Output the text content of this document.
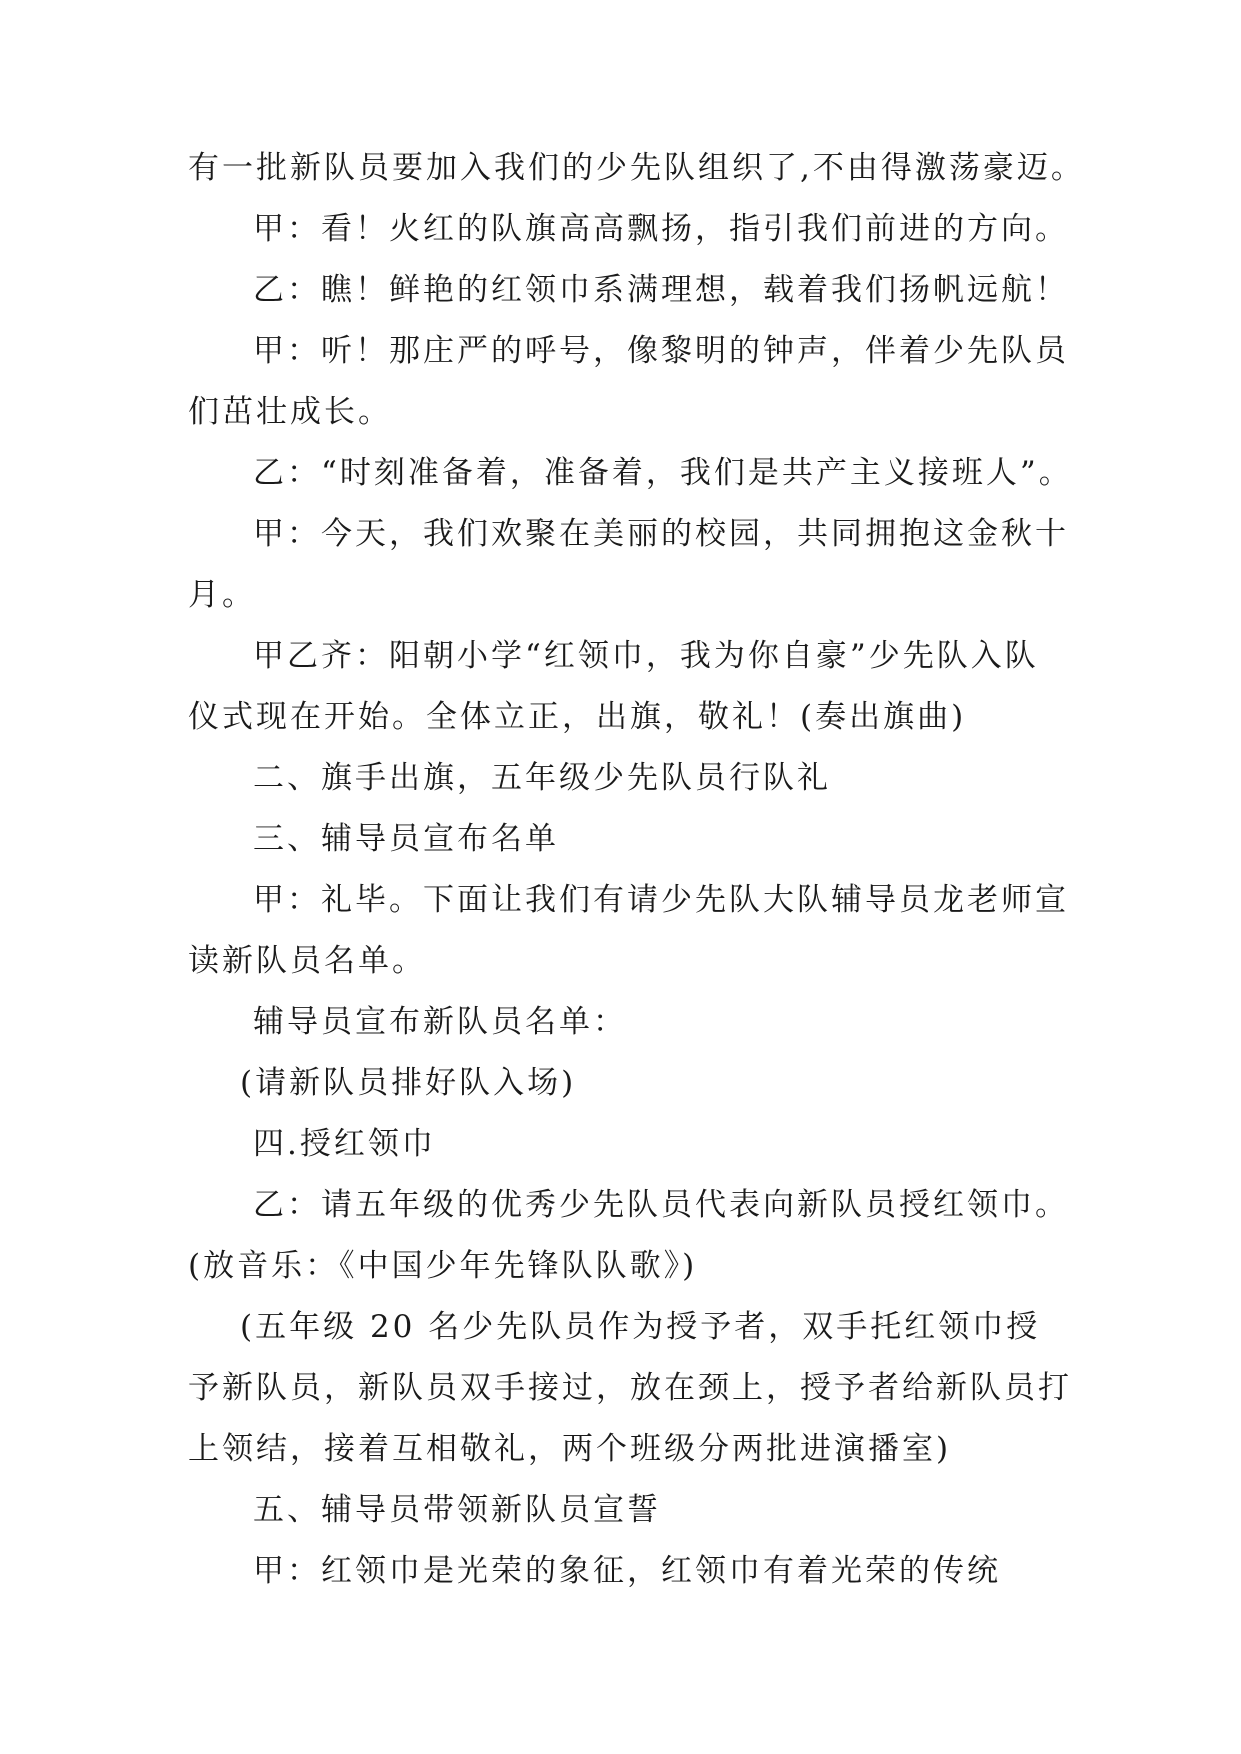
有一批新队员要加入我们的少先队组织了,不由得激荡豪迈。
甲：看！火红的队旗高高飘扬，指引我们前进的方向。
乙：瞧！鲜艳的红领巾系满理想，载着我们扬帆远航！
甲：听！那庄严的呼号，像黎明的钟声，伴着少先队员
们茁壮成长。
乙：“时刻准备着，准备着，我们是共产主义接班人”。
甲：今天，我们欢聚在美丽的校园，共同拥抱这金秋十
月。
甲乙齐：阳朝小学“红领巾，我为你自豪”少先队入队
仪式现在开始。全体立正，出旗，敬礼！(奏出旗曲)
二、旗手出旗，五年级少先队员行队礼
三、辅导员宣布名单
甲：礼毕。下面让我们有请少先队大队辅导员龙老师宣
读新队员名单。
辅导员宣布新队员名单：
(请新队员排好队入场)
四.授红领巾
乙：请五年级的优秀少先队员代表向新队员授红领巾。
(放音乐：《中国少年先锋队队歌》)
(五年级 20 名少先队员作为授予者，双手托红领巾授
予新队员，新队员双手接过，放在颈上，授予者给新队员打
上领结，接着互相敬礼，两个班级分两批进演播室)
五、辅导员带领新队员宣誓
甲：红领巾是光荣的象征，红领巾有着光荣的传统
